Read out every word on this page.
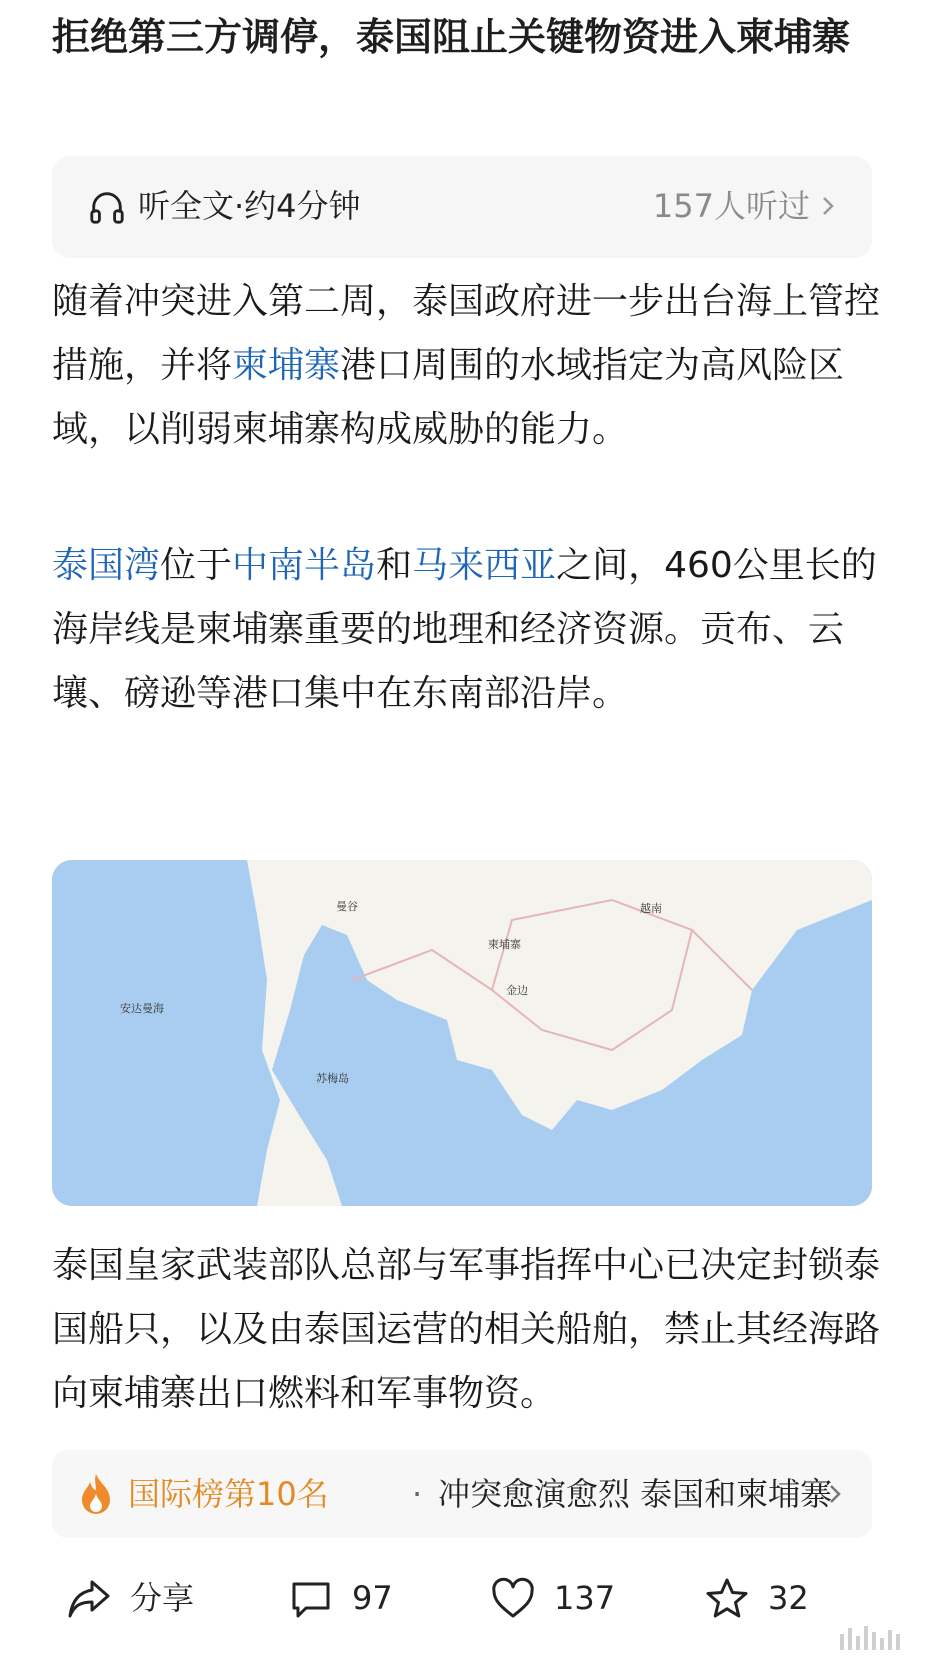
拒绝第三方调停，泰国阻止关键物资进入柬埔寨
听全文·约4分钟	157人听过

随着冲突进入第二周，泰国政府进一步出台海上管控措施，并将柬埔寨港口周围的水域指定为高风险区域，以削弱柬埔寨构成威胁的能力。

泰国湾位于中南半岛和马来西亚之间，460公里长的海岸线是柬埔寨重要的地理和经济资源。贡布、云壤、磅逊等港口集中在东南部沿岸。

曼谷	越南
柬埔寨
金边
安达曼海
苏梅岛

泰国皇家武装部队总部与军事指挥中心已决定封锁泰国船只，以及由泰国运营的相关船舶，禁止其经海路向柬埔寨出口燃料和军事物资。

国际榜第10名	· 冲突愈演愈烈 泰国和柬埔寨
分享	97	137	32
